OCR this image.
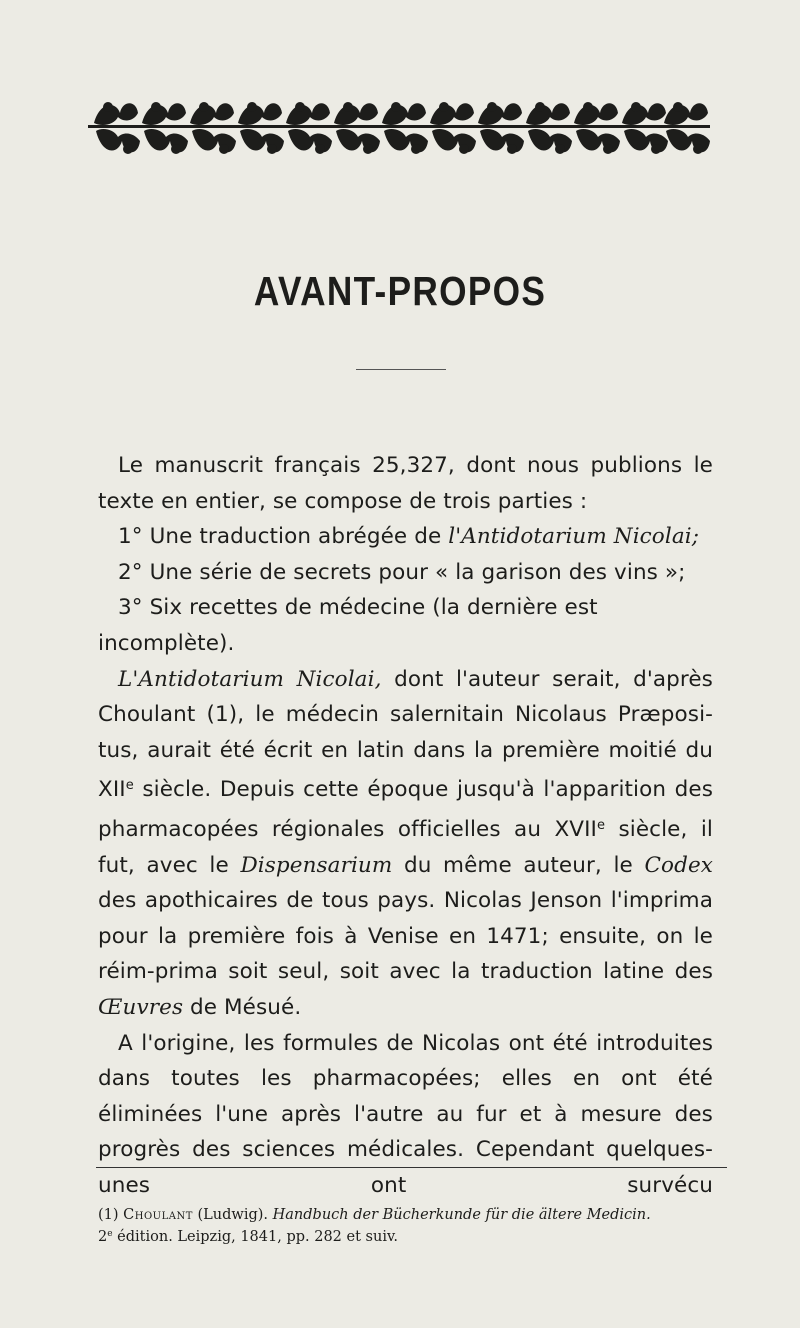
AVANT-PROPOS

Le manuscrit français 25,327, dont nous publions le texte en entier, se compose de trois parties :

1° Une traduction abrégée de l'Antidotarium Nicolai;

2° Une série de secrets pour « la garison des vins »;

3° Six recettes de médecine (la dernière est incomplète).

L'Antidotarium Nicolai, dont l'auteur serait, d'après Choulant (1), le médecin salernitain Nicolaus Præposi-tus, aurait été écrit en latin dans la première moitié du XIIe siècle. Depuis cette époque jusqu'à l'apparition des pharmacopées régionales officielles au XVIIe siècle, il fut, avec le Dispensarium du même auteur, le Codex des apothicaires de tous pays. Nicolas Jenson l'imprima pour la première fois à Venise en 1471; ensuite, on le réim-prima soit seul, soit avec la traduction latine des Œuvres de Mésué.

A l'origine, les formules de Nicolas ont été introduites dans toutes les pharmacopées; elles en ont été éliminées l'une après l'autre au fur et à mesure des progrès des sciences médicales. Cependant quelques-unes ont survécu

(1) Choulant (Ludwig). Handbuch der Bücherkunde für die ältere Medicin.
2e édition. Leipzig, 1841, pp. 282 et suiv.
